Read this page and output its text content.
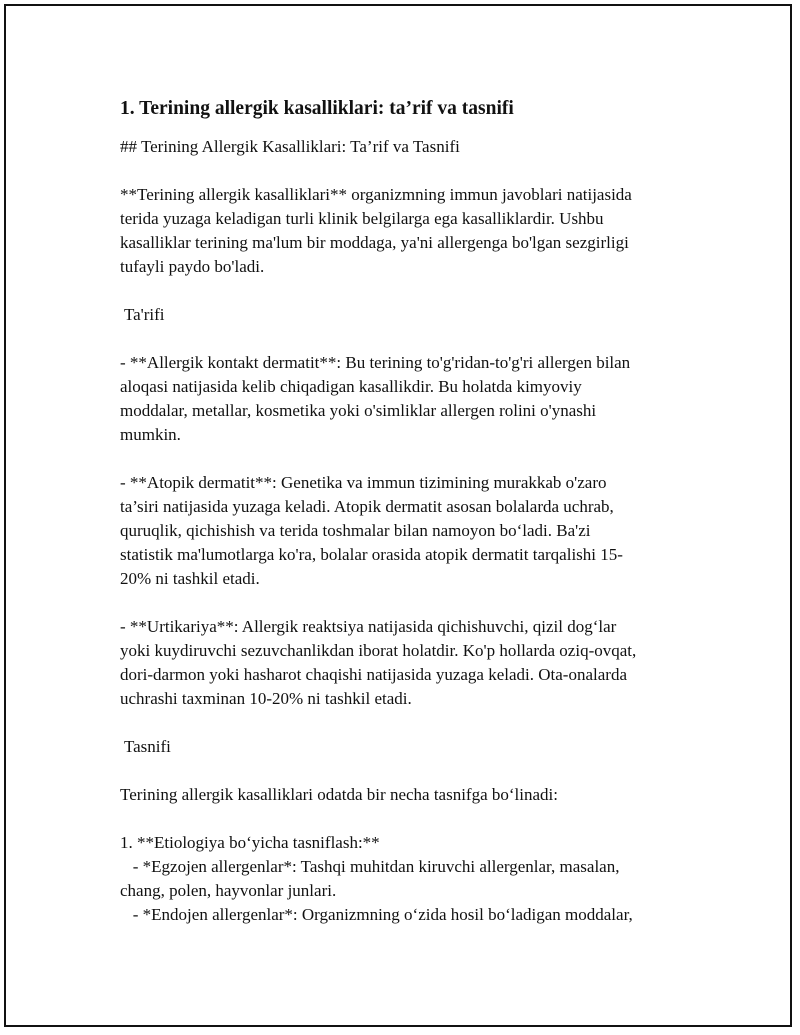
1. Terining allergik kasalliklari: ta’rif va tasnifi
## Terining Allergik Kasalliklari: Ta’rif va Tasnifi
**Terining allergik kasalliklari** organizmning immun javoblari natijasida
terida yuzaga keladigan turli klinik belgilarga ega kasalliklardir. Ushbu
kasalliklar terining ma'lum bir moddaga, ya'ni allergenga bo'lgan sezgirligi
tufayli paydo bo'ladi.
Ta'rifi
- **Allergik kontakt dermatit**: Bu terining to'g'ridan-to'g'ri allergen bilan
aloqasi natijasida kelib chiqadigan kasallikdir. Bu holatda kimyoviy
moddalar, metallar, kosmetika yoki o'simliklar allergen rolini o'ynashi
mumkin.
- **Atopik dermatit**: Genetika va immun tizimining murakkab o'zaro
ta’siri natijasida yuzaga keladi. Atopik dermatit asosan bolalarda uchrab,
quruqlik, qichishish va terida toshmalar bilan namoyon bo‘ladi. Ba'zi
statistik ma'lumotlarga ko'ra, bolalar orasida atopik dermatit tarqalishi 15-
20% ni tashkil etadi.
- **Urtikariya**: Allergik reaktsiya natijasida qichishuvchi, qizil dog‘lar
yoki kuydiruvchi sezuvchanlikdan iborat holatdir. Ko'p hollarda oziq-ovqat,
dori-darmon yoki hasharot chaqishi natijasida yuzaga keladi. Ota-onalarda
uchrashi taxminan 10-20% ni tashkil etadi.
Tasnifi
Terining allergik kasalliklari odatda bir necha tasnifga bo‘linadi:
1. **Etiologiya bo‘yicha tasniflash:**
- *Egzojen allergenlar*: Tashqi muhitdan kiruvchi allergenlar, masalan,
chang, polen, hayvonlar junlari.
- *Endojen allergenlar*: Organizmning o‘zida hosil bo‘ladigan moddalar,
